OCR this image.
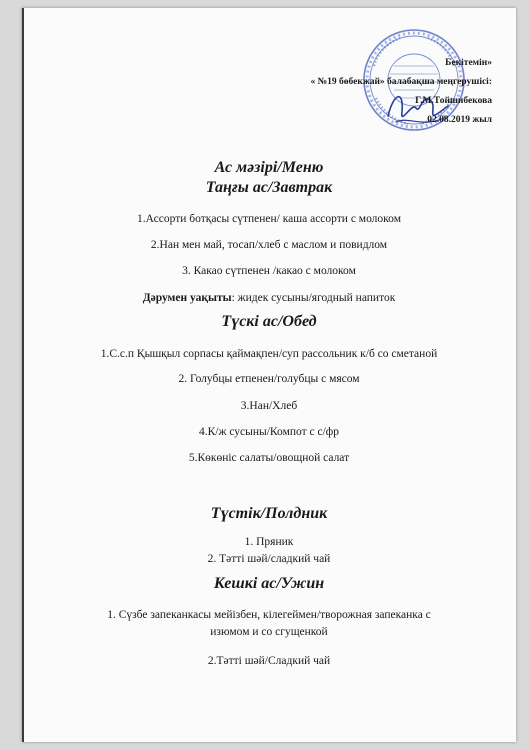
Бекітемін»
« №19 бөбекжай» балабақша меңгерушісі:
Г.М.Тойшибекова
02.08.2019 жыл

Ас мәзірі/Меню

Таңғы ас/Завтрак

1.Ассорти ботқасы сүтпенен/ каша ассорти с молоком

2.Нан мен май, тосап/хлеб с маслом и повидлом

3. Какао сүтпенен /какао с молоком

Дәрумен уақыты: жидек сусыны/ягодный напиток

Түскі ас/Обед

1.С.с.п Қышқыл сорпасы қаймақпен/суп рассольник к/б со сметаной

2. Голубцы етпенен/голубцы с мясом

3.Нан/Хлеб

4.К/ж сусыны/Компот с с/фр

5.Көкөніс салаты/овощной салат

Түстік/Полдник

1. Пряник

2. Тәтті шәй/сладкий чай

Кешкі ас/Ужин

1. Сүзбе запеканкасы мейізбен, кілегеймен/творожная запеканка с

изюмом и со сгущенкой

2.Тәтті шәй/Сладкий чай
